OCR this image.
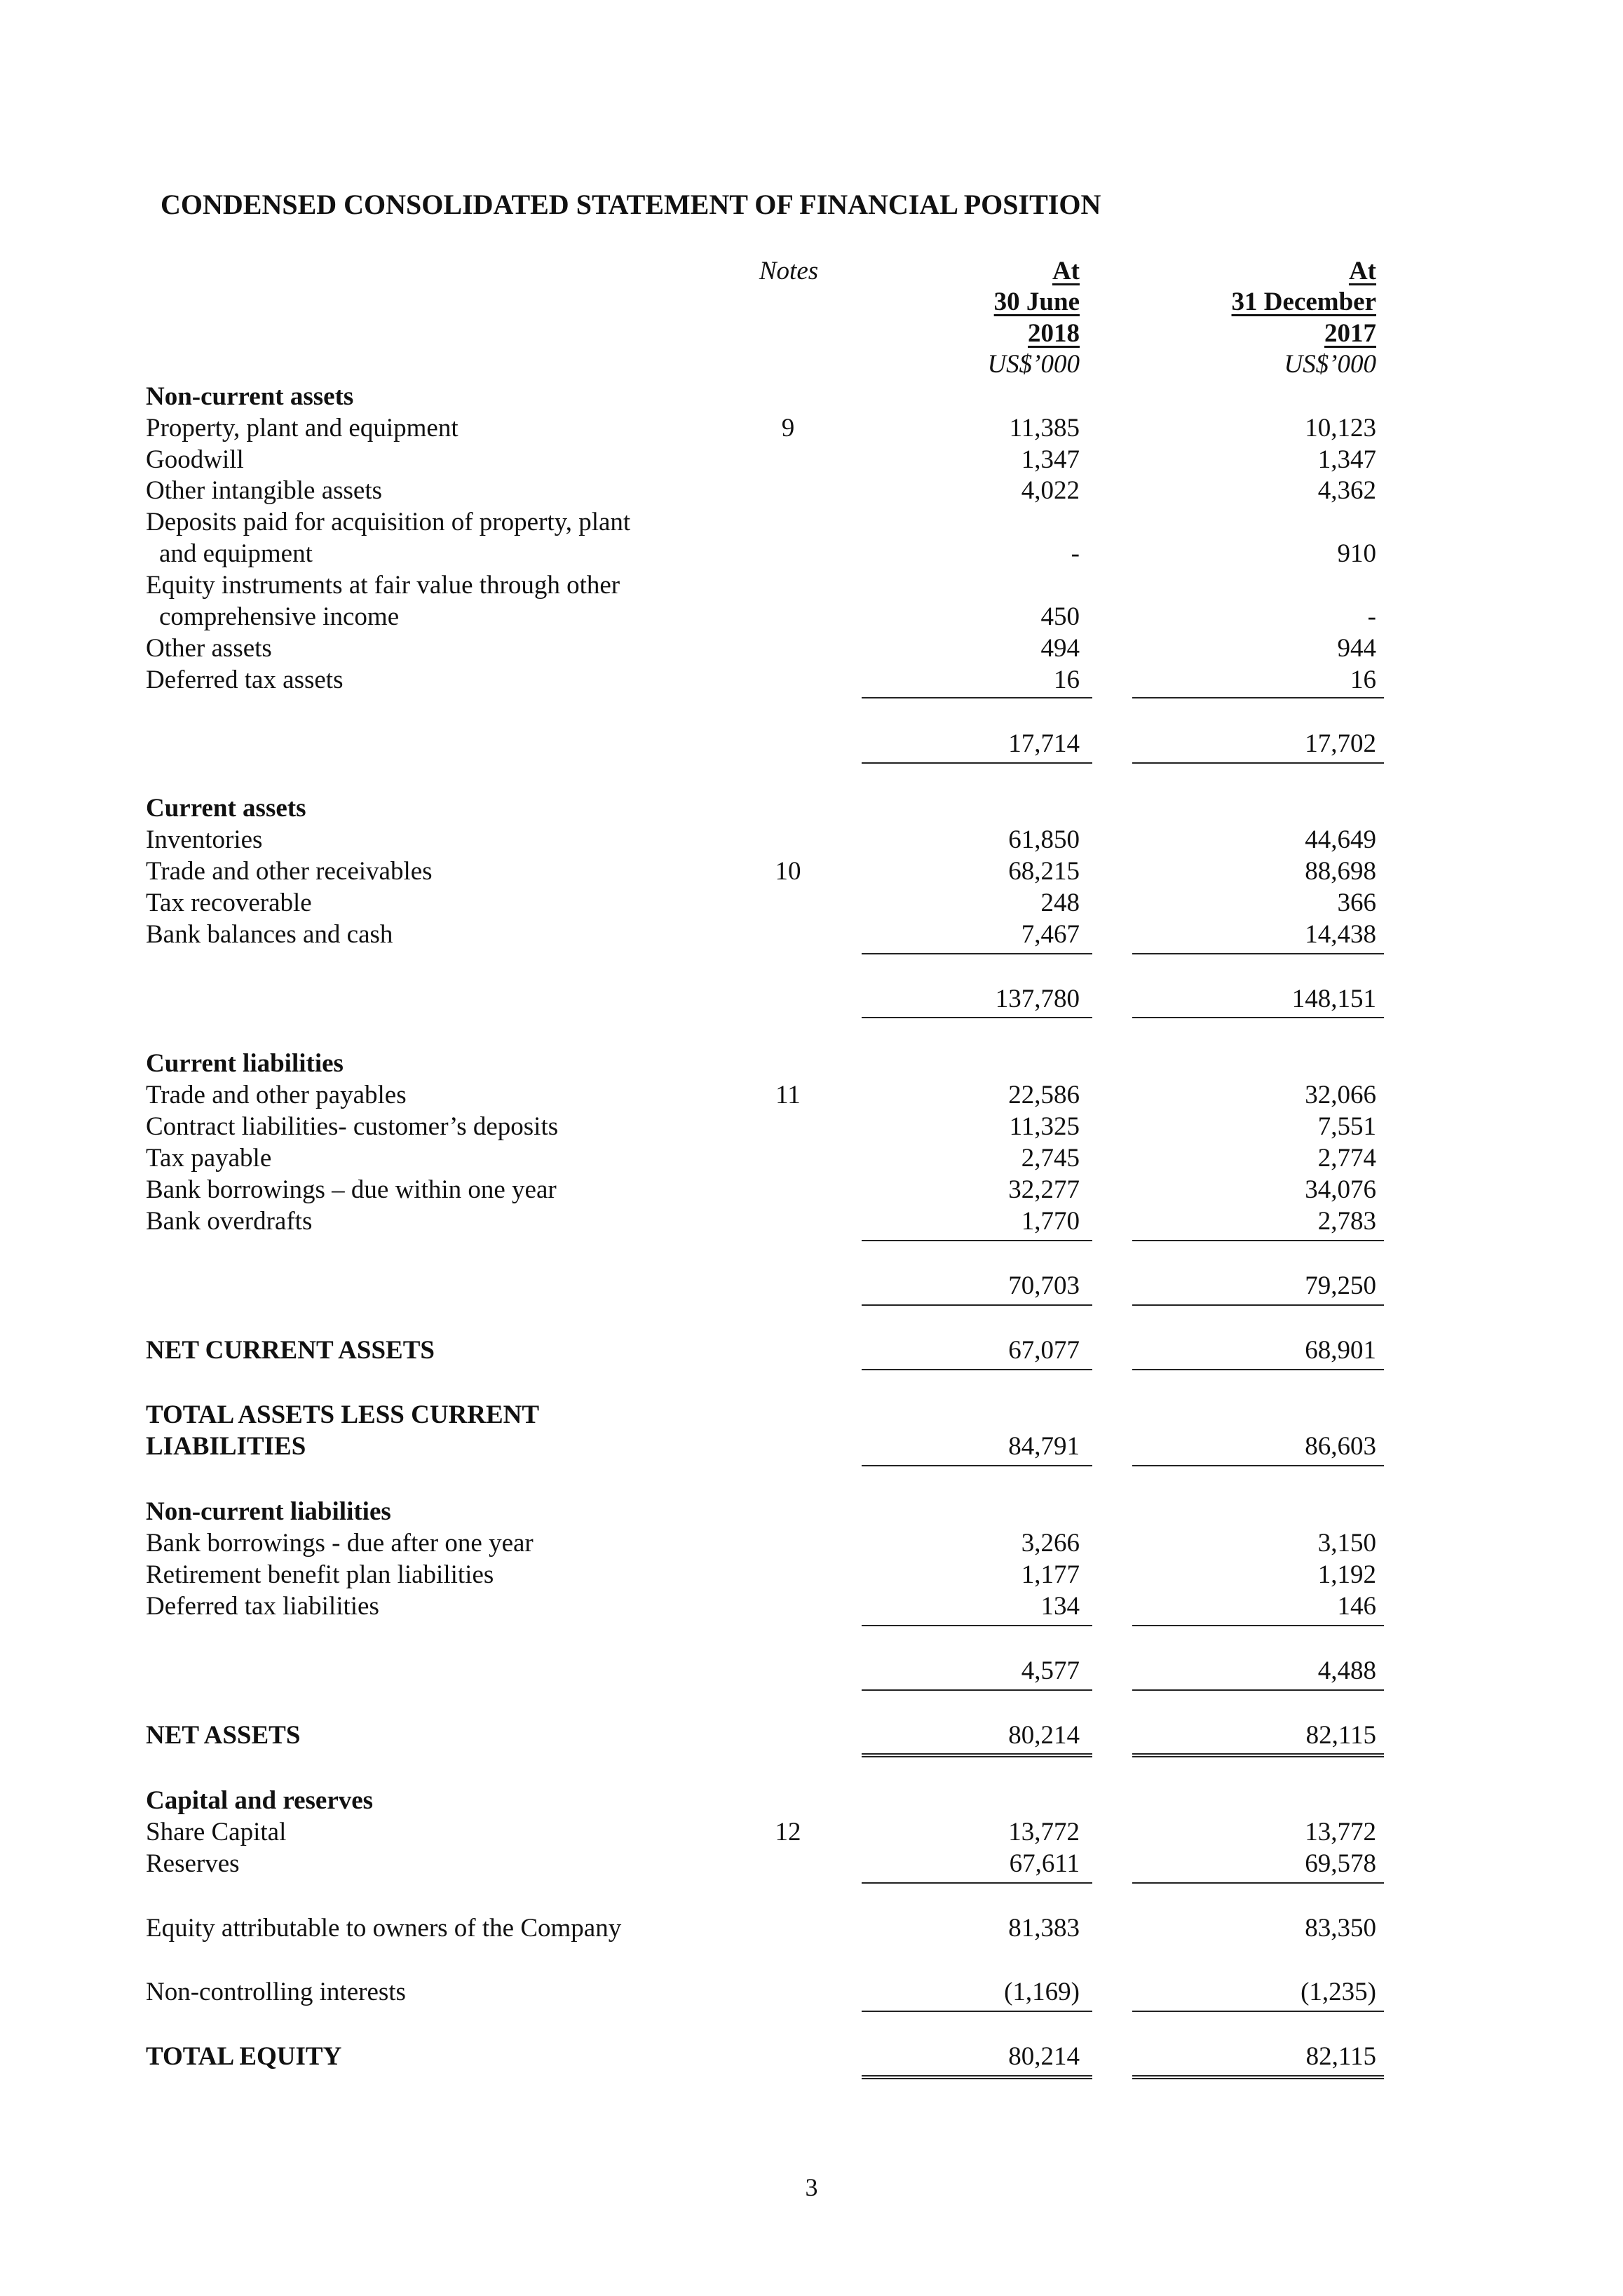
CONDENSED CONSOLIDATED STATEMENT OF FINANCIAL POSITION
Notes	At
30 June
2018
US$’000
At
31 December
2017
US$’000
Non-current assets
Property, plant and equipment	9	11,385	10,123
Goodwill	1,347	1,347
Other intangible assets	4,022	4,362
Deposits paid for acquisition of property, plant
and equipment	-	910
Equity instruments at fair value through other
comprehensive income	450	-
Other assets	494	944
Deferred tax assets	16	16
17,714	17,702
Current assets
Inventories	61,850	44,649
Trade and other receivables	10	68,215	88,698
Tax recoverable	248	366
Bank balances and cash	7,467	14,438
137,780	148,151
Current liabilities
Trade and other payables	11	22,586	32,066
Contract liabilities- customer’s deposits	11,325	7,551
Tax payable	2,745	2,774
Bank borrowings – due within one year	32,277	34,076
Bank overdrafts	1,770	2,783
70,703	79,250
NET CURRENT ASSETS	67,077	68,901
TOTAL ASSETS LESS CURRENT
LIABILITIES	84,791	86,603
Non-current liabilities
Bank borrowings - due after one year	3,266	3,150
Retirement benefit plan liabilities	1,177	1,192
Deferred tax liabilities	134	146
4,577	4,488
NET ASSETS	80,214	82,115
Capital and reserves
Share Capital	12	13,772	13,772
Reserves	67,611	69,578
Equity attributable to owners of the Company	81,383	83,350
Non-controlling interests	(1,169)	(1,235)
TOTAL EQUITY	80,214	82,115
3
